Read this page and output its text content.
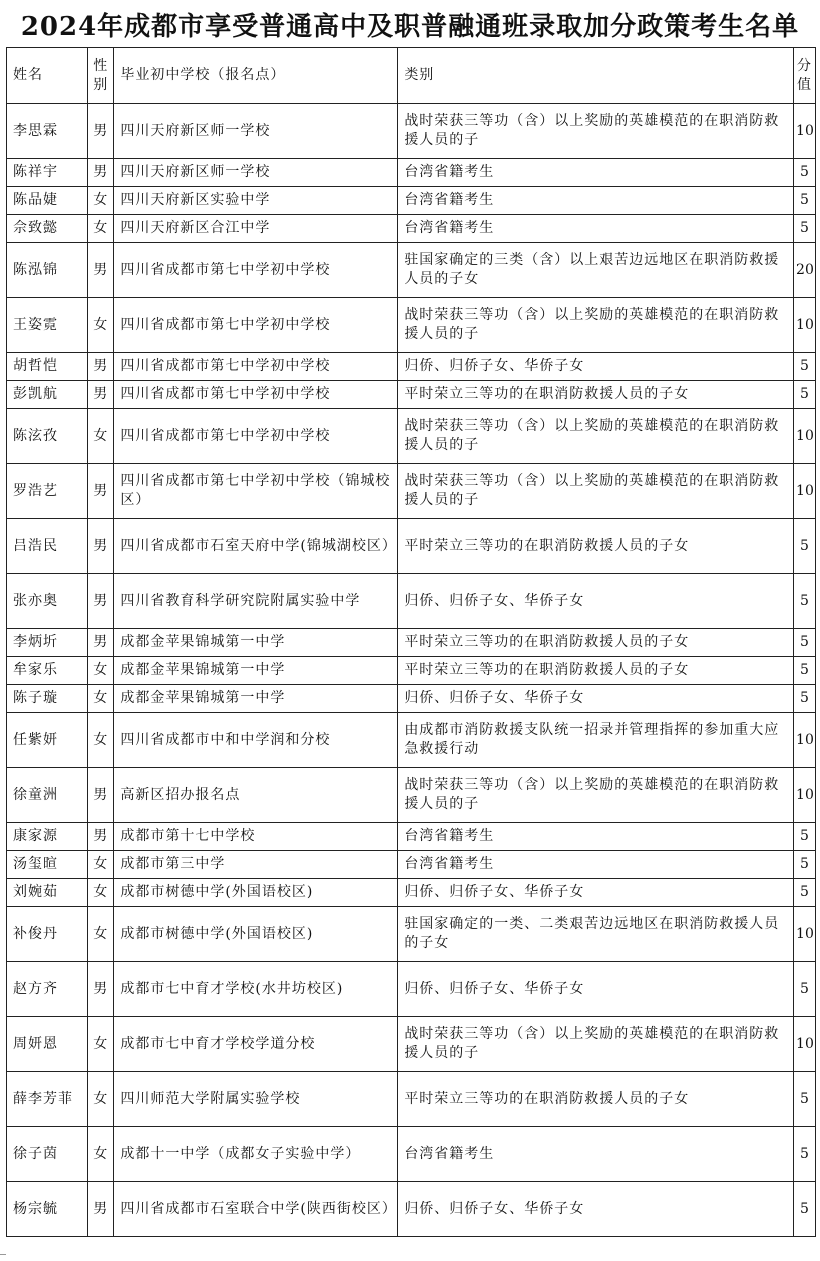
2024年成都市享受普通高中及职普融通班录取加分政策考生名单
姓名	性别	毕业初中学校（报名点）	类别	分值
李思霖	男	四川天府新区师一学校	战时荣获三等功（含）以上奖励的英雄模范的在职消防救援人员的子	10
陈祥宇	男	四川天府新区师一学校	台湾省籍考生	5
陈品婕	女	四川天府新区实验中学	台湾省籍考生	5
佘致懿	女	四川天府新区合江中学	台湾省籍考生	5
陈泓锦	男	四川省成都市第七中学初中学校	驻国家确定的三类（含）以上艰苦边远地区在职消防救援人员的子女	20
王姿霓	女	四川省成都市第七中学初中学校	战时荣获三等功（含）以上奖励的英雄模范的在职消防救援人员的子	10
胡哲恺	男	四川省成都市第七中学初中学校	归侨、归侨子女、华侨子女	5
彭凯航	男	四川省成都市第七中学初中学校	平时荣立三等功的在职消防救援人员的子女	5
陈泫孜	女	四川省成都市第七中学初中学校	战时荣获三等功（含）以上奖励的英雄模范的在职消防救援人员的子	10
罗浩艺	男	四川省成都市第七中学初中学校（锦城校区）	战时荣获三等功（含）以上奖励的英雄模范的在职消防救援人员的子	10
吕浩民	男	四川省成都市石室天府中学(锦城湖校区）	平时荣立三等功的在职消防救援人员的子女	5
张亦奥	男	四川省教育科学研究院附属实验中学	归侨、归侨子女、华侨子女	5
李炳圻	男	成都金苹果锦城第一中学	平时荣立三等功的在职消防救援人员的子女	5
牟家乐	女	成都金苹果锦城第一中学	平时荣立三等功的在职消防救援人员的子女	5
陈子璇	女	成都金苹果锦城第一中学	归侨、归侨子女、华侨子女	5
任紫妍	女	四川省成都市中和中学润和分校	由成都市消防救援支队统一招录并管理指挥的参加重大应急救援行动	10
徐童洲	男	高新区招办报名点	战时荣获三等功（含）以上奖励的英雄模范的在职消防救援人员的子	10
康家源	男	成都市第十七中学校	台湾省籍考生	5
汤玺暄	女	成都市第三中学	台湾省籍考生	5
刘婉茹	女	成都市树德中学(外国语校区)	归侨、归侨子女、华侨子女	5
补俊丹	女	成都市树德中学(外国语校区)	驻国家确定的一类、二类艰苦边远地区在职消防救援人员的子女	10
赵方齐	男	成都市七中育才学校(水井坊校区)	归侨、归侨子女、华侨子女	5
周妍恩	女	成都市七中育才学校学道分校	战时荣获三等功（含）以上奖励的英雄模范的在职消防救援人员的子	10
薛李芳菲	女	四川师范大学附属实验学校	平时荣立三等功的在职消防救援人员的子女	5
徐子茵	女	成都十一中学（成都女子实验中学）	台湾省籍考生	5
杨宗毓	男	四川省成都市石室联合中学(陕西街校区）	归侨、归侨子女、华侨子女	5
